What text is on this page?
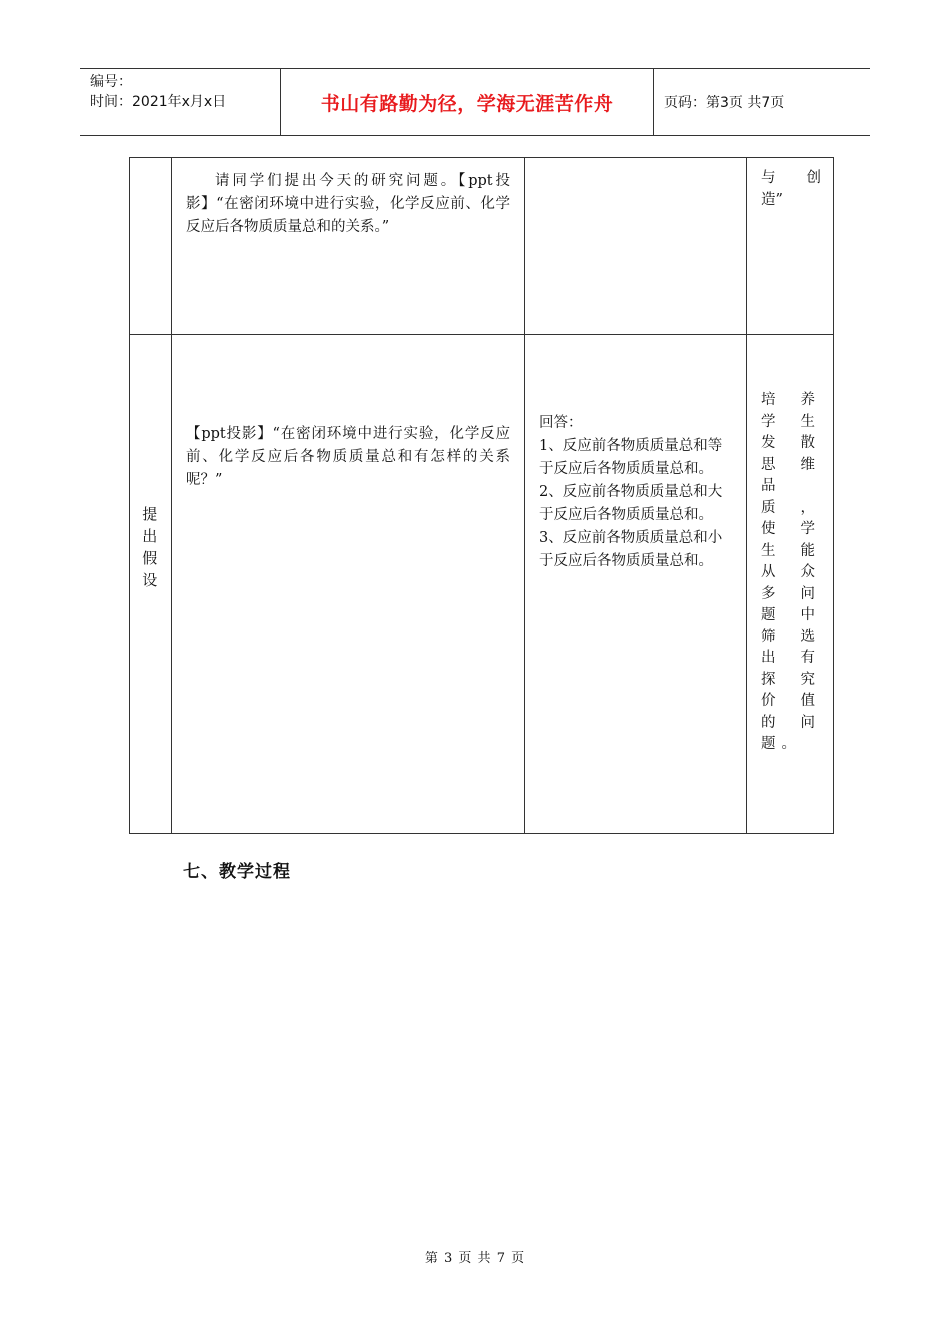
编号：
时间：2021年x月x日	书山有路勤为径，学海无涯苦作舟	页码：第3页 共7页

	请同学们提出今天的研究问题。【ppt投影】“在密闭环境中进行实验，化学反应前、化学反应后各物质质量总和的关系。”		与 创
造”

提出假设	【ppt投影】“在密闭环境中进行实验，化学反应前、化学反应后各物质质量总和有怎样的关系呢？”	回答：
1、反应前各物质质量总和等于反应后各物质质量总和。
2、反应前各物质质量总和大于反应后各物质质量总和。
3、反应前各物质质量总和小于反应后各物质质量总和。	培养学生发散思维品质，使学生能从众多问题中筛选出有探究价值的问题。
七、教学过程
第 3 页 共 7 页
